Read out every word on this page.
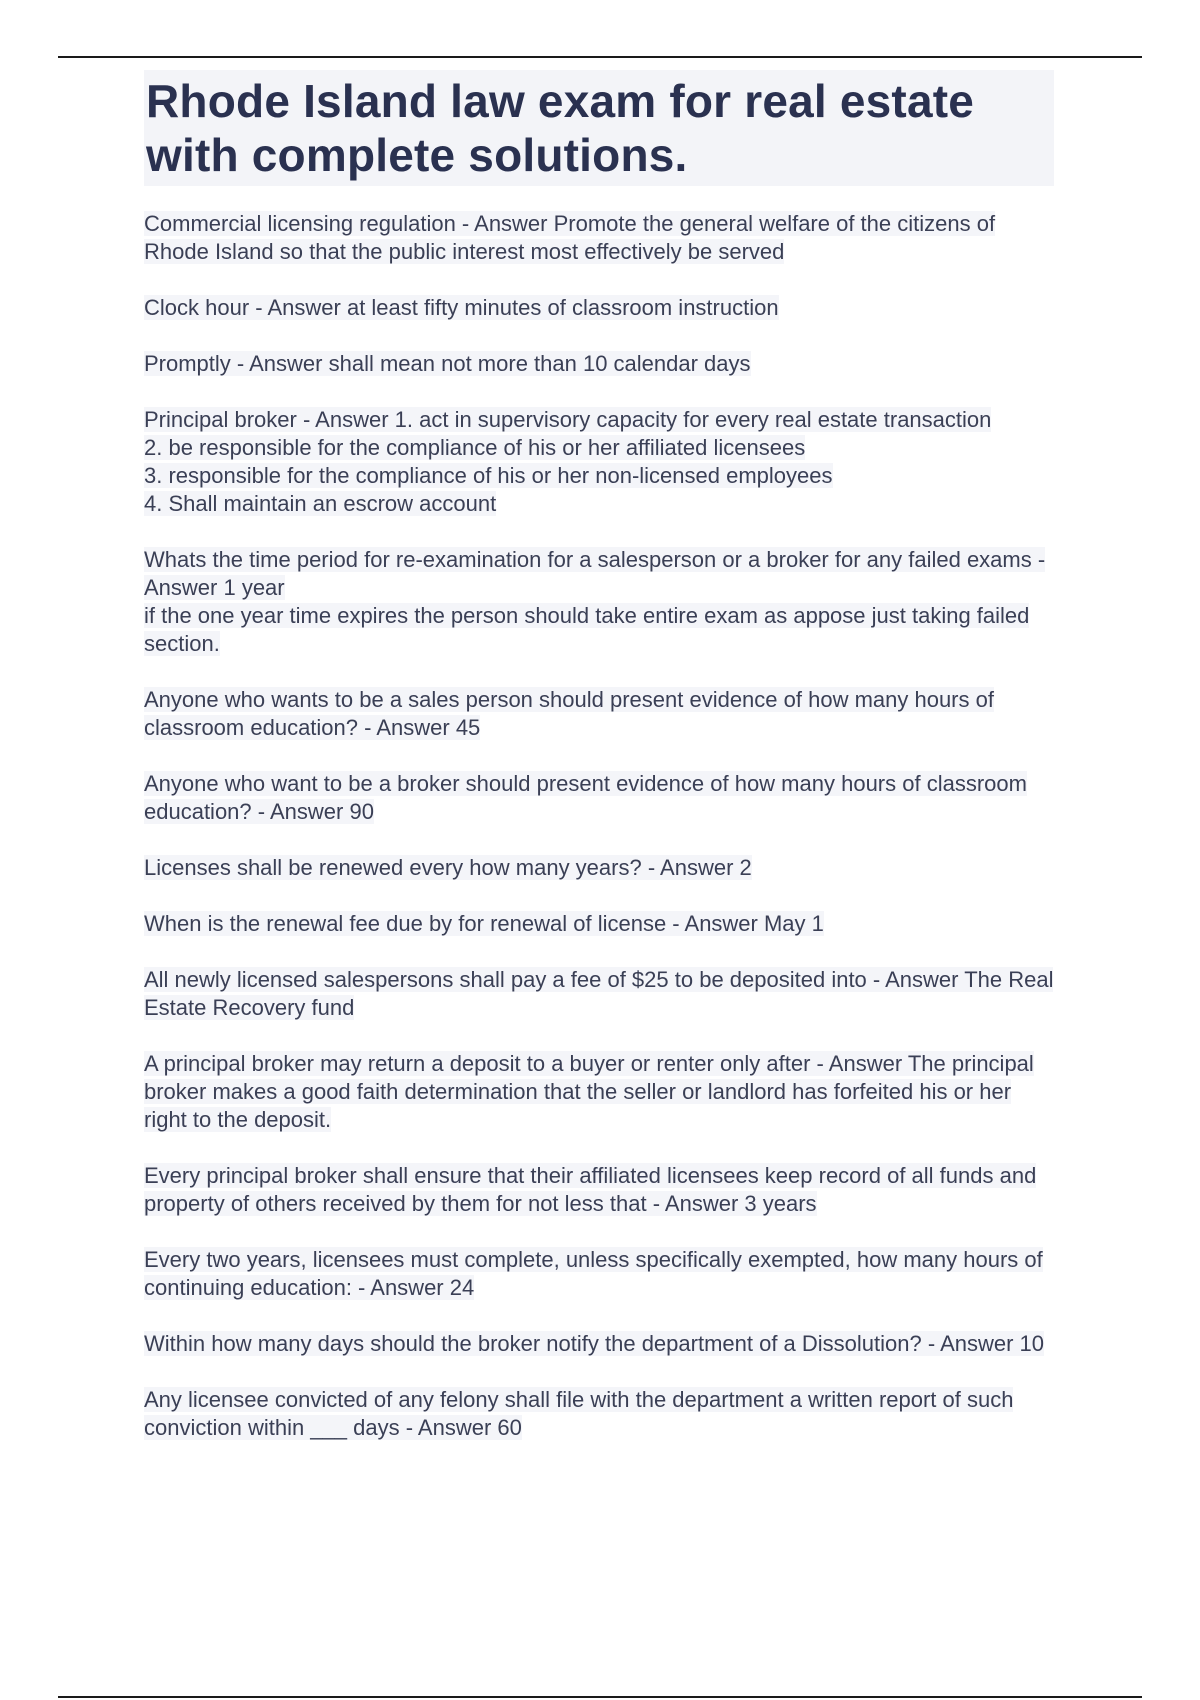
Rhode Island law exam for real estate with complete solutions.

Commercial licensing regulation - Answer Promote the general welfare of the citizens of Rhode Island so that the public interest most effectively be served

Clock hour - Answer at least fifty minutes of classroom instruction

Promptly - Answer shall mean not more than 10 calendar days

Principal broker - Answer 1. act in supervisory capacity for every real estate transaction
2. be responsible for the compliance of his or her affiliated licensees
3. responsible for the compliance of his or her non-licensed employees
4. Shall maintain an escrow account

Whats the time period for re-examination for a salesperson or a broker for any failed exams - Answer 1 year
if the one year time expires the person should take entire exam as appose just taking failed section.

Anyone who wants to be a sales person should present evidence of how many hours of classroom education? - Answer 45

Anyone who want to be a broker should present evidence of how many hours of classroom education? - Answer 90

Licenses shall be renewed every how many years? - Answer 2

When is the renewal fee due by for renewal of license - Answer May 1

All newly licensed salespersons shall pay a fee of $25 to be deposited into - Answer The Real Estate Recovery fund

A principal broker may return a deposit to a buyer or renter only after - Answer The principal broker makes a good faith determination that the seller or landlord has forfeited his or her right to the deposit.

Every principal broker shall ensure that their affiliated licensees keep record of all funds and property of others received by them for not less that - Answer 3 years

Every two years, licensees must complete, unless specifically exempted, how many hours of continuing education: - Answer 24

Within how many days should the broker notify the department of a Dissolution? - Answer 10

Any licensee convicted of any felony shall file with the department a written report of such conviction within ___ days - Answer 60
